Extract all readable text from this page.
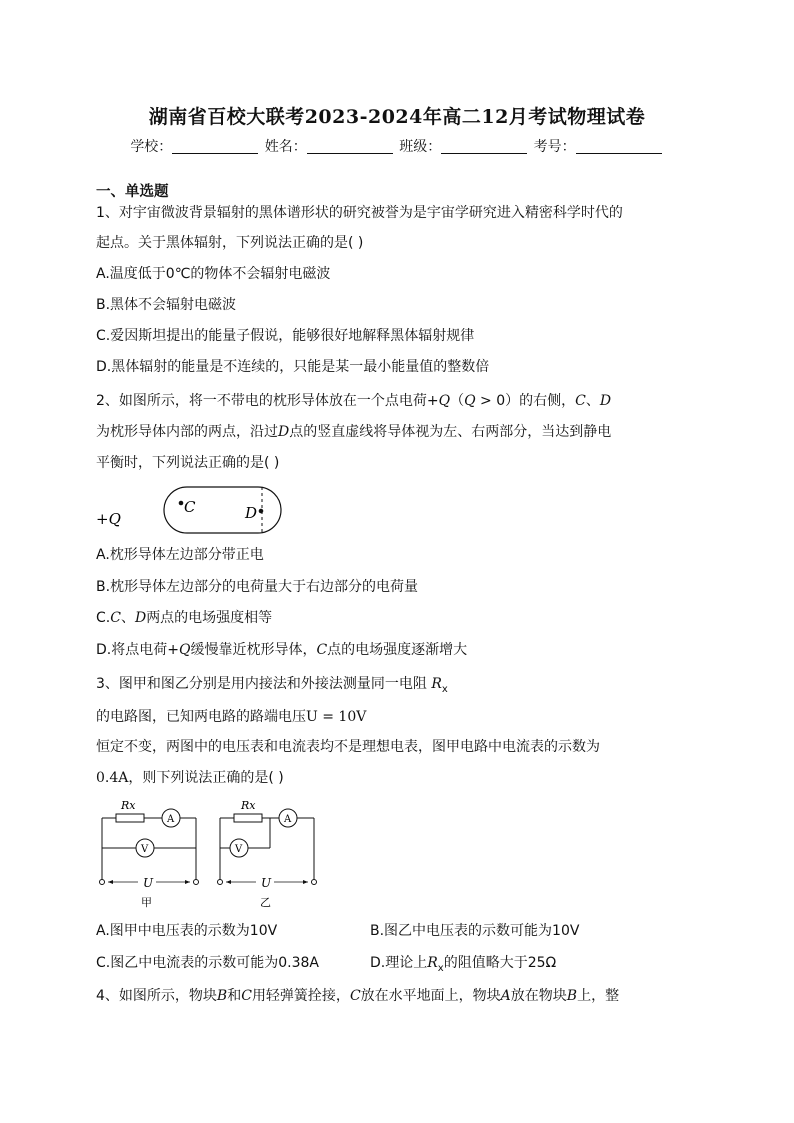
湖南省百校大联考2023-2024年高二12月考试物理试卷
学校：	姓名：	班级：	考号：
一、单选题
1、对宇宙微波背景辐射的黑体谱形状的研究被誉为是宇宙学研究进入精密科学时代的
起点。关于黑体辐射，下列说法正确的是( )
A.温度低于0℃的物体不会辐射电磁波
B.黑体不会辐射电磁波
C.爱因斯坦提出的能量子假说，能够很好地解释黑体辐射规律
D.黑体辐射的能量是不连续的，只能是某一最小能量值的整数倍
2、如图所示，将一不带电的枕形导体放在一个点电荷+Q（Q > 0）的右侧，C、D
为枕形导体内部的两点，沿过D点的竖直虚线将导体视为左、右两部分，当达到静电
平衡时，下列说法正确的是( )
+Q
C	D
A.枕形导体左边部分带正电
B.枕形导体左边部分的电荷量大于右边部分的电荷量
C.C、D两点的电场强度相等
D.将点电荷+Q缓慢靠近枕形导体，C点的电场强度逐渐增大
3、图甲和图乙分别是用内接法和外接法测量同一电阻 $R_x$
的电路图，已知两电路的路端电压U = 10V
恒定不变，两图中的电压表和电流表均不是理想电表，图甲电路中电流表的示数为
0.4A，则下列说法正确的是( )
Rx
A
V
U
甲
Rx
A
V
U
乙
A.图甲中电压表的示数为10V	B.图乙中电压表的示数可能为10V
C.图乙中电流表的示数可能为0.38A	D.理论上$R_x$的阻值略大于25Ω
4、如图所示，物块B和C用轻弹簧拴接，C放在水平地面上，物块A放在物块B上，整
